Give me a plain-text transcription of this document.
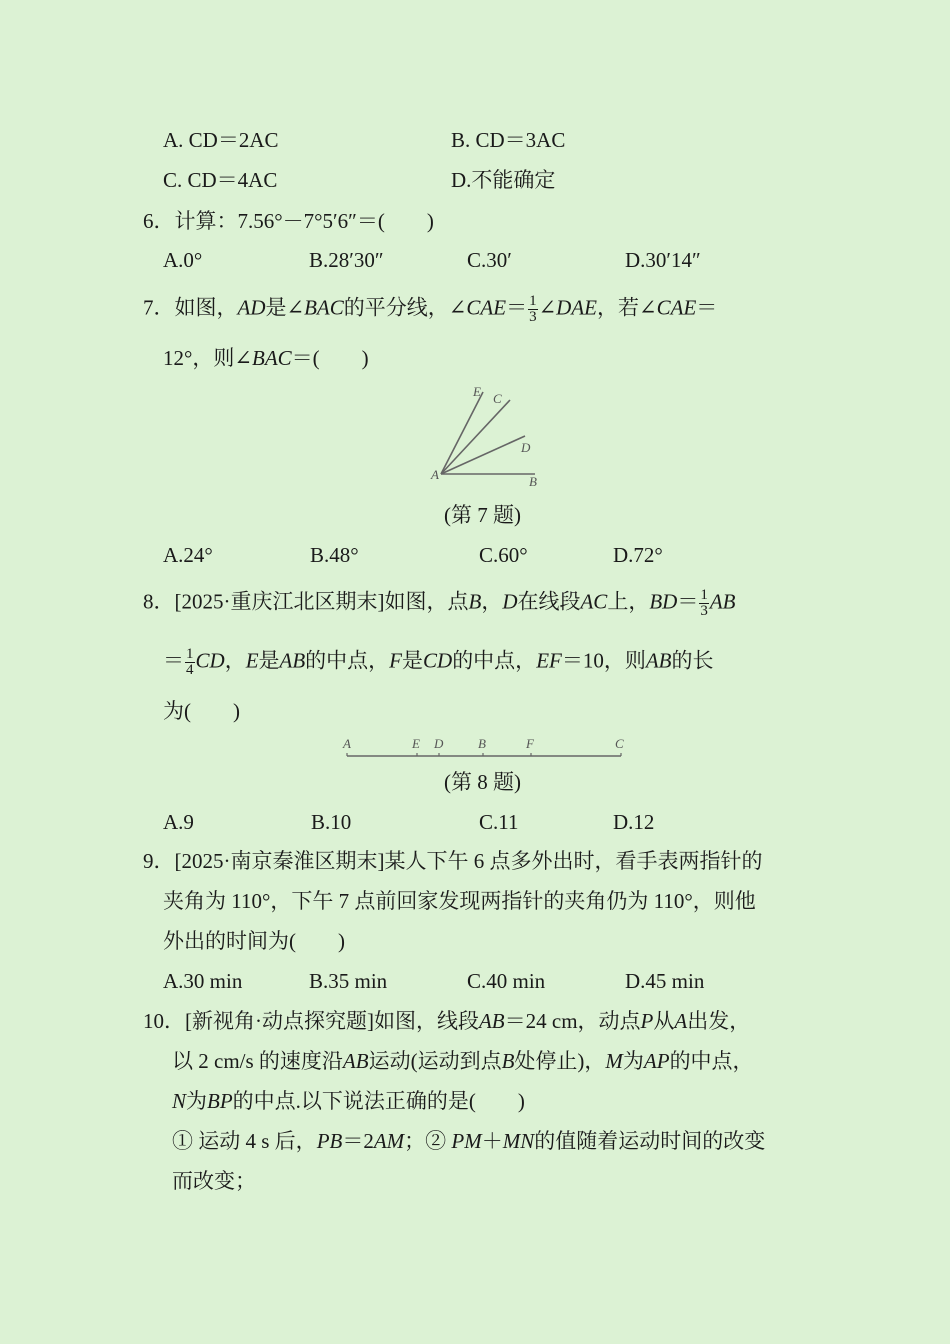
A. CD＝2AC	B. CD＝3AC
C. CD＝4AC	D.不能确定
6．计算：7.56°－7°5′6″＝(　　)
A.0°	B.28′30″	C.30′	D.30′14″
7．如图，AD是∠BAC的平分线，∠CAE＝ $\frac{1}{3}$ ∠DAE，若∠CAE＝
12°，则∠BAC＝(　　)
E C
D
A	B
(第 7 题)
A.24°	B.48°	C.60°	D.72°
8．[2025·重庆江北区期末]如图，点B，D在线段AC上，$BD= \frac{1}{3}$ AB
＝ $\frac{1}{4}$ CD，E是AB的中点，F是CD的中点，EF＝10，则AB的长
为(　　)
A	E D	B	F	C
(第 8 题)
A.9	B.10	C.11	D.12
9．[2025·南京秦淮区期末]某人下午 6 点多外出时，看手表两指针的
夹角为 110°，下午 7 点前回家发现两指针的夹角仍为 110°，则他
外出的时间为(　　)
A.30 min	B.35 min	C.40 min	D.45 min
10．[新视角·动点探究题]如图，线段AB＝24 cm，动点P从A出发，
以 2 cm/s 的速度沿AB运动(运动到点B处停止)，M为AP的中点，
N为BP的中点.以下说法正确的是(　　)
① 运动 4 s 后，PB＝2AM；② PM＋MN的值随着运动时间的改变
而改变；
